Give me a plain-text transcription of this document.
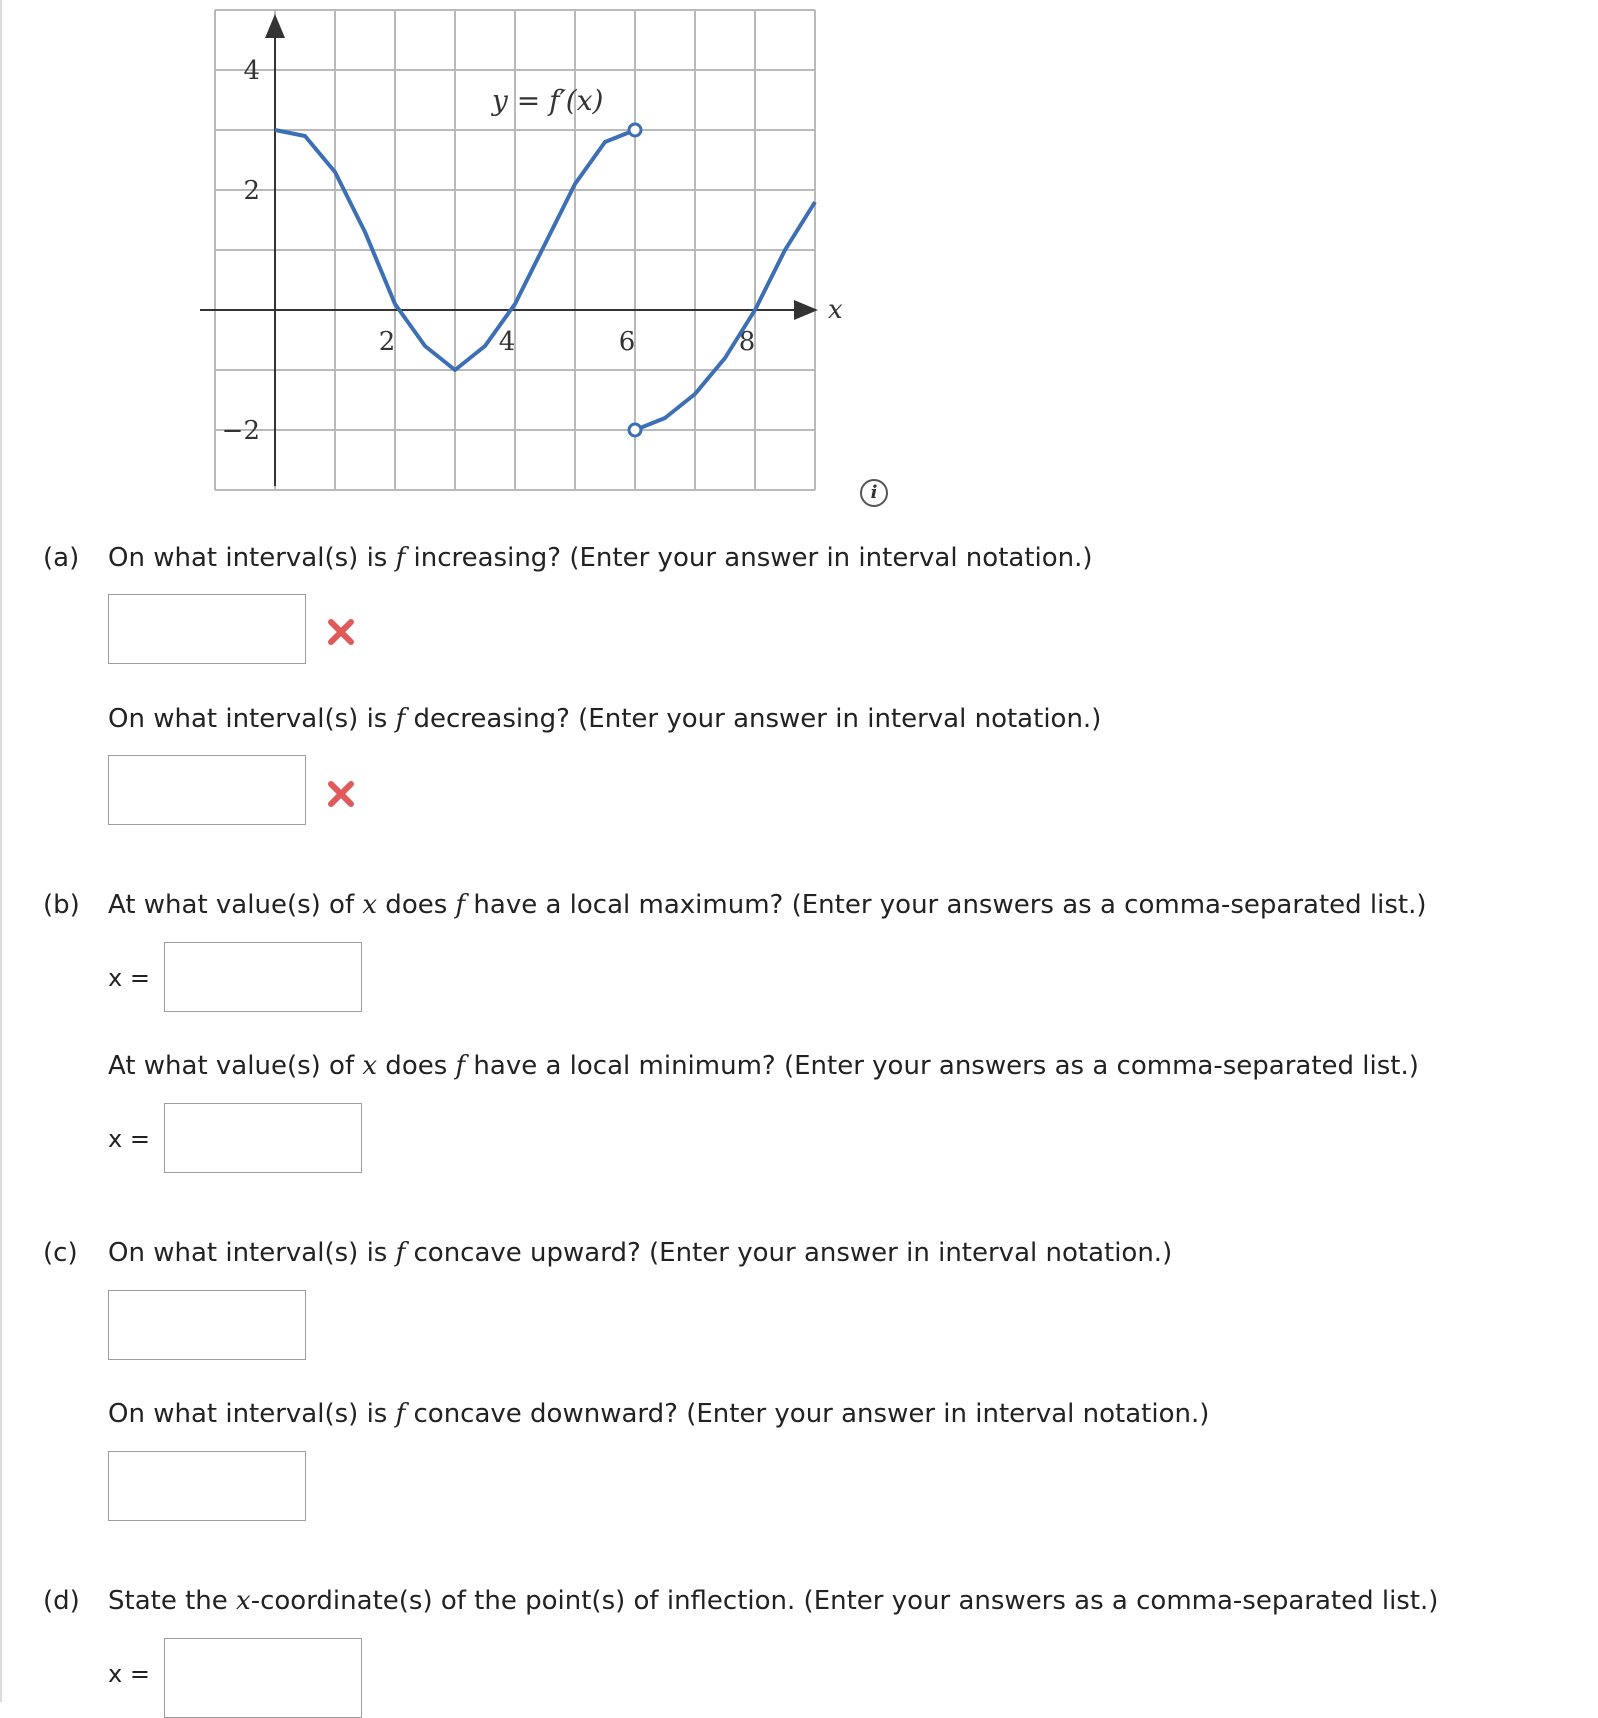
x
y = f′(x)
2	4	6	8
4
2
−2
i
(a) On what interval(s) is f increasing? (Enter your answer in interval notation.)
On what interval(s) is f decreasing? (Enter your answer in interval notation.)
(b) At what value(s) of x does f have a local maximum? (Enter your answers as a comma-separated list.)
x =
At what value(s) of x does f have a local minimum? (Enter your answers as a comma-separated list.)
x =
(c) On what interval(s) is f concave upward? (Enter your answer in interval notation.)
On what interval(s) is f concave downward? (Enter your answer in interval notation.)
(d) State the x-coordinate(s) of the point(s) of inflection. (Enter your answers as a comma-separated list.)
x =
